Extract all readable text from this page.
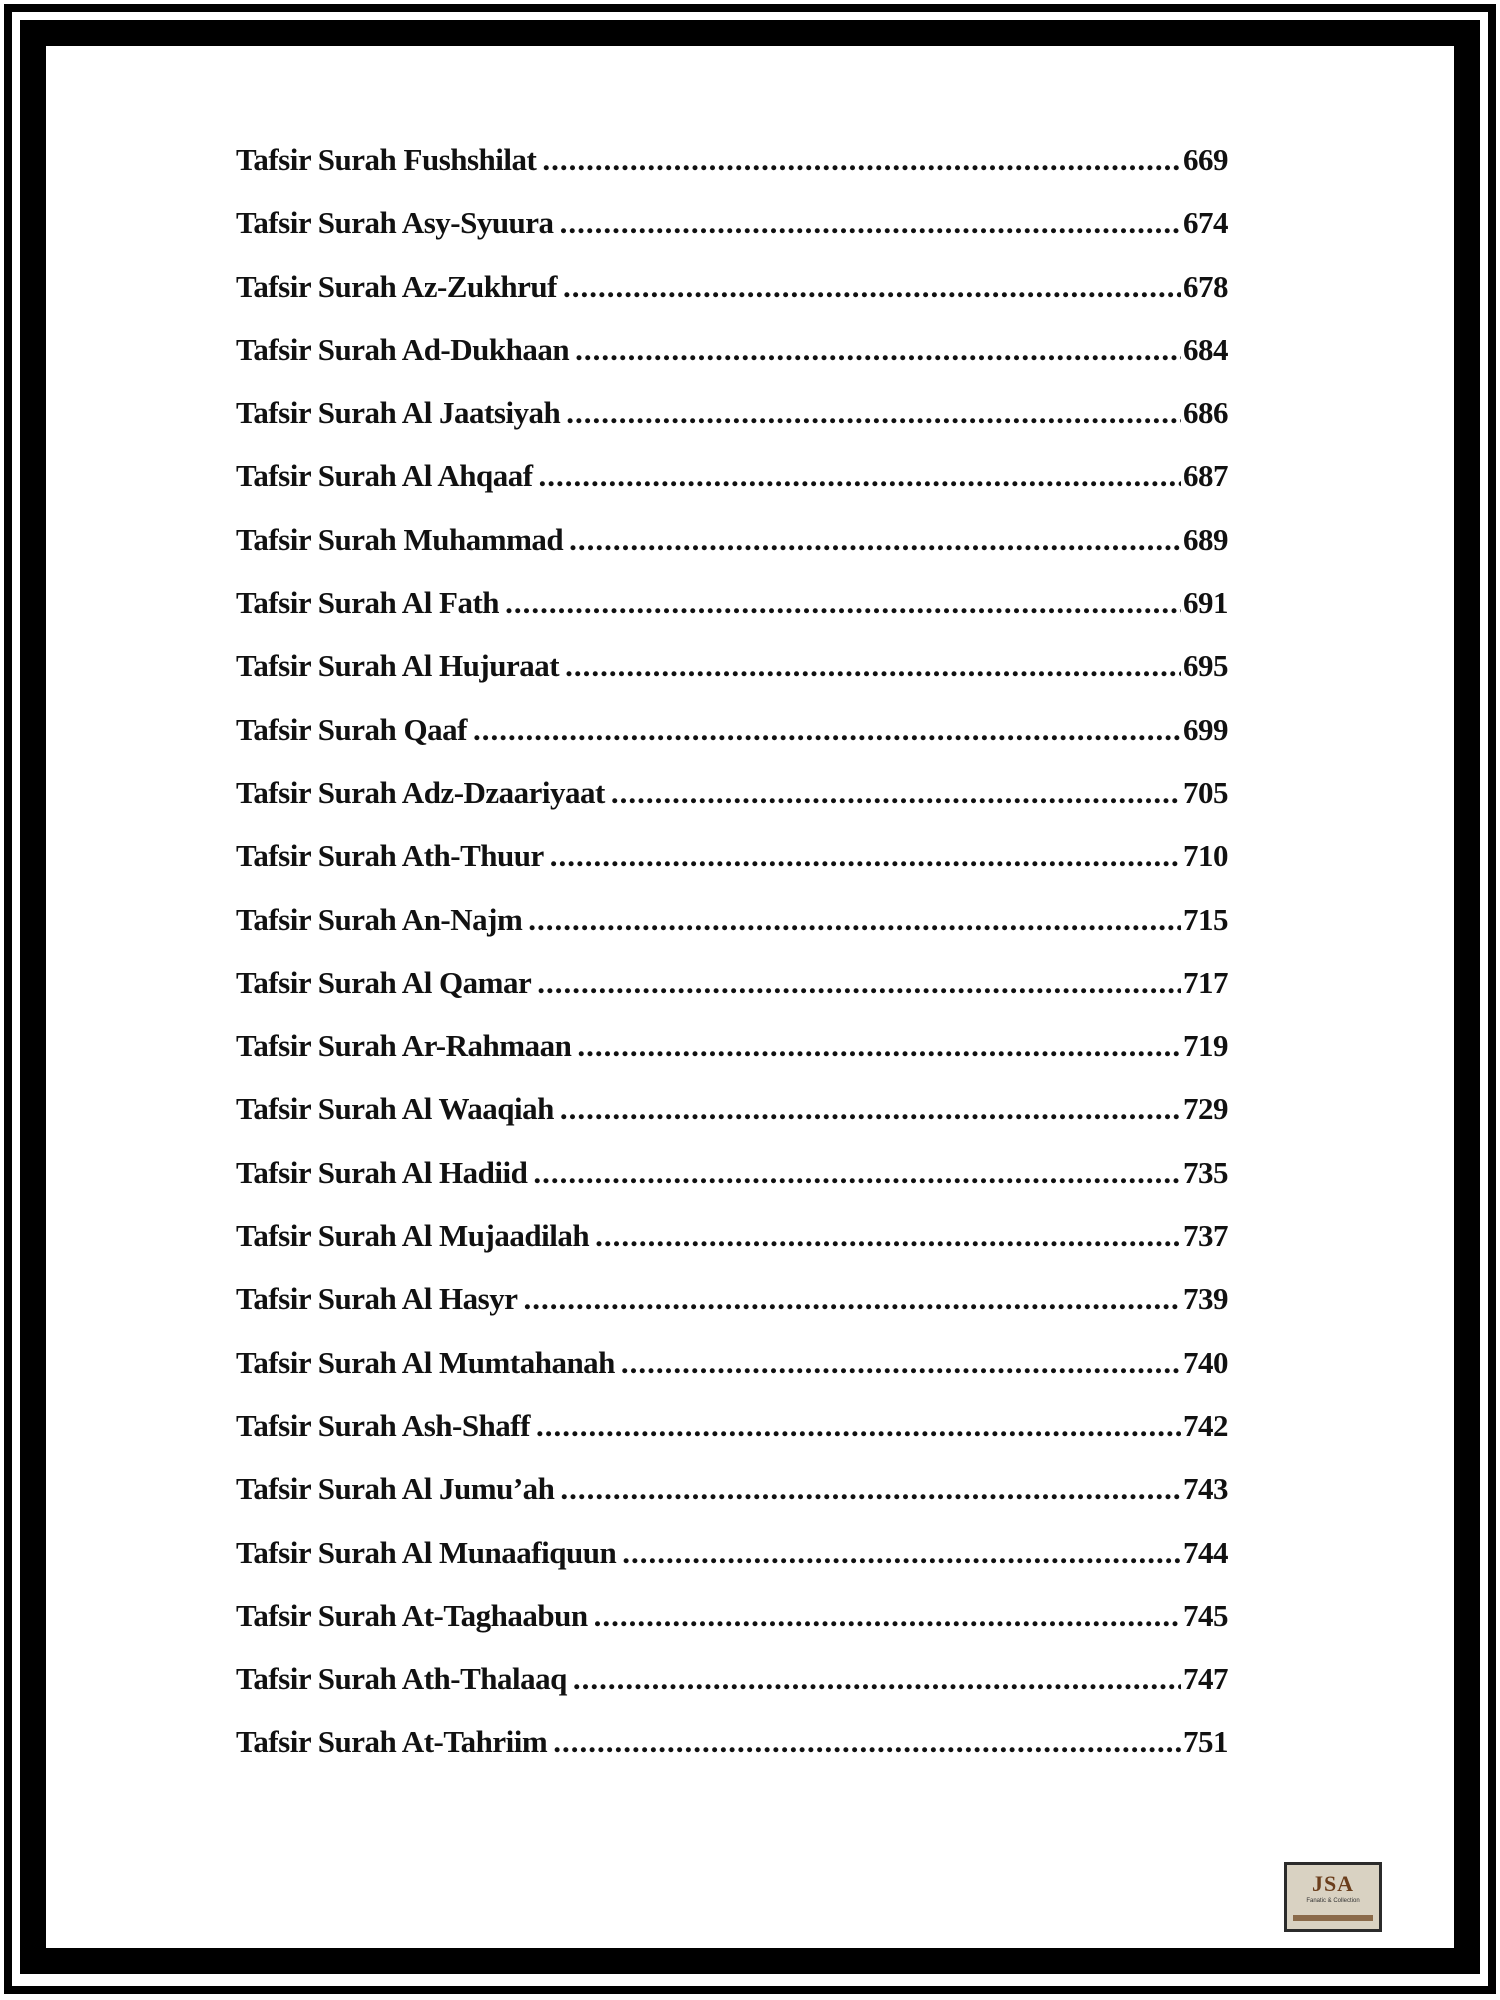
Tafsir Surah Fushshilat .....	669
Tafsir Surah Asy-Syuura .....	674
Tafsir Surah Az-Zukhruf .....	678
Tafsir Surah Ad-Dukhaan .....	684
Tafsir Surah Al Jaatsiyah .....	686
Tafsir Surah Al Ahqaaf .....	687
Tafsir Surah Muhammad .....	689
Tafsir Surah Al Fath .....	691
Tafsir Surah Al Hujuraat .....	695
Tafsir Surah Qaaf .....	699
Tafsir Surah Adz-Dzaariyaat .....	705
Tafsir Surah Ath-Thuur .....	710
Tafsir Surah An-Najm .....	715
Tafsir Surah Al Qamar .....	717
Tafsir Surah Ar-Rahmaan .....	719
Tafsir Surah Al Waaqiah .....	729
Tafsir Surah Al Hadiid .....	735
Tafsir Surah Al Mujaadilah .....	737
Tafsir Surah Al Hasyr .....	739
Tafsir Surah Al Mumtahanah .....	740
Tafsir Surah Ash-Shaff .....	742
Tafsir Surah Al Jumu’ah .....	743
Tafsir Surah Al Munaafiquun .....	744
Tafsir Surah At-Taghaabun .....	745
Tafsir Surah Ath-Thalaaq .....	747
Tafsir Surah At-Tahriim .....	751
JSA
Fanatic & Collection
